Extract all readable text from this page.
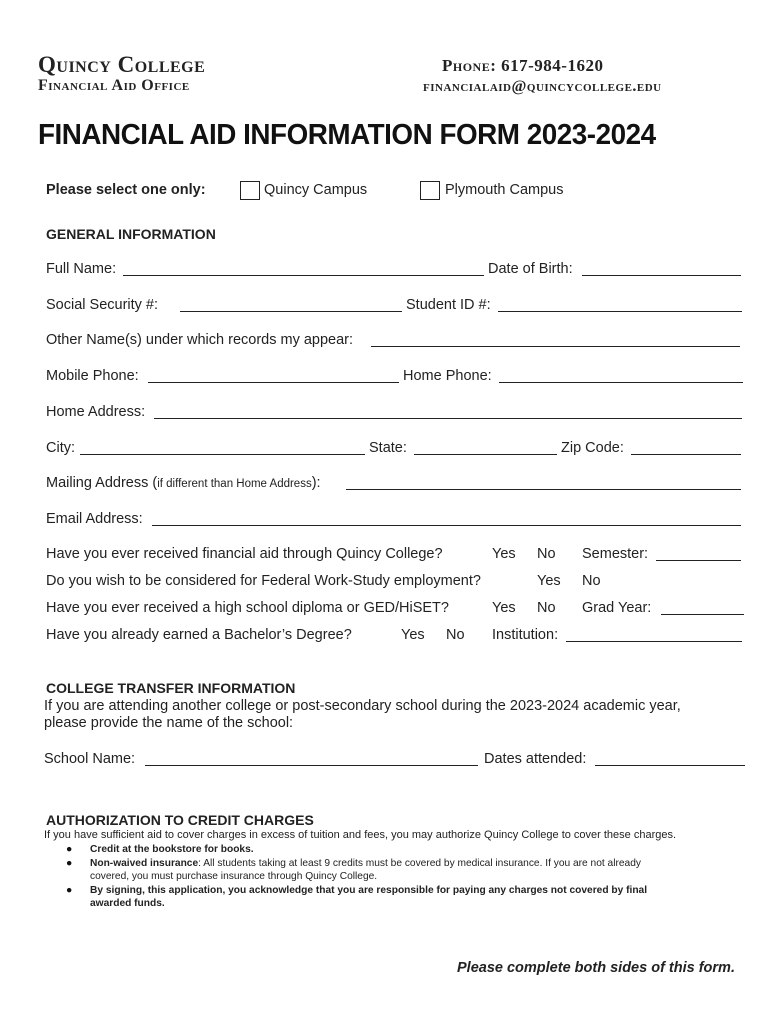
Quincy College
Financial Aid Office
Phone: 617-984-1620
financialaid@quincycollege.edu
FINANCIAL AID INFORMATION FORM 2023-2024
Please select one only:	Quincy Campus	Plymouth Campus
GENERAL INFORMATION
Full Name:	Date of Birth:
Social Security #:	Student ID #:
Other Name(s) under which records my appear:
Mobile Phone:	Home Phone:
Home Address:
City:	State:	Zip Code:
Mailing Address (if different than Home Address):
Email Address:
Have you ever received financial aid through Quincy College?	Yes No Semester:
Do you wish to be considered for Federal Work-Study employment?	Yes No
Have you ever received a high school diploma or GED/HiSET?	Yes No Grad Year:
Have you already earned a Bachelor’s Degree?	Yes No Institution:
COLLEGE TRANSFER INFORMATION
If you are attending another college or post-secondary school during the 2023-2024 academic year,
please provide the name of the school:
School Name:	Dates attended:
AUTHORIZATION TO CREDIT CHARGES
If you have sufficient aid to cover charges in excess of tuition and fees, you may authorize Quincy College to cover these charges.
● Credit at the bookstore for books.
● Non-waived insurance: All students taking at least 9 credits must be covered by medical insurance. If you are not already
covered, you must purchase insurance through Quincy College.
● By signing, this application, you acknowledge that you are responsible for paying any charges not covered by final
awarded funds.
Please complete both sides of this form.
